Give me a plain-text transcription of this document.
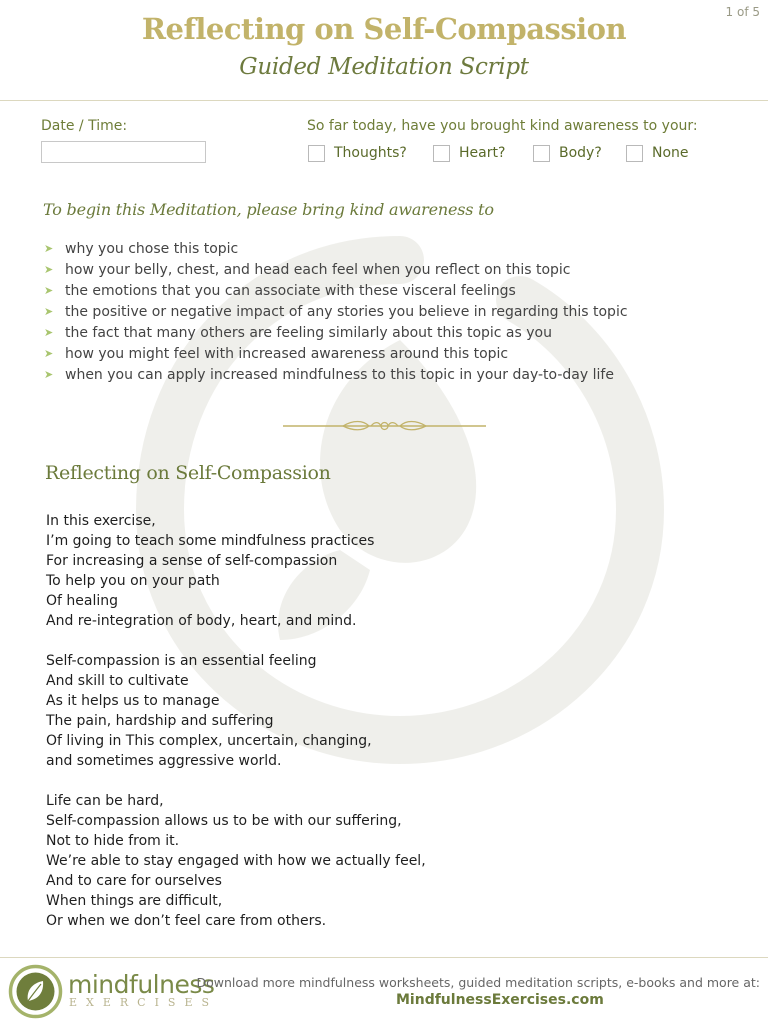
1 of 5
Reflecting on Self-Compassion
Guided Meditation Script
Date / Time:	So far today, have you brought kind awareness to your:
Thoughts?	Heart?	Body?	None
To begin this Meditation, please bring kind awareness to
➤ why you chose this topic
➤ how your belly, chest, and head each feel when you reflect on this topic
➤ the emotions that you can associate with these visceral feelings
➤ the positive or negative impact of any stories you believe in regarding this topic
➤ the fact that many others are feeling similarly about this topic as you
➤ how you might feel with increased awareness around this topic
➤ when you can apply increased mindfulness to this topic in your day-to-day life
Reflecting on Self-Compassion
In this exercise,
I’m going to teach some mindfulness practices
For increasing a sense of self-compassion
To help you on your path
Of healing
And re-integration of body, heart, and mind.
Self-compassion is an essential feeling
And skill to cultivate
As it helps us to manage
The pain, hardship and suffering
Of living in This complex, uncertain, changing,
and sometimes aggressive world.
Life can be hard,
Self-compassion allows us to be with our suffering,
Not to hide from it.
We’re able to stay engaged with how we actually feel,
And to care for ourselves
When things are difficult,
Or when we don’t feel care from others.
mindfulness
EXERCISES
Download more mindfulness worksheets, guided meditation scripts, e-books and more at:
MindfulnessExercises.com
